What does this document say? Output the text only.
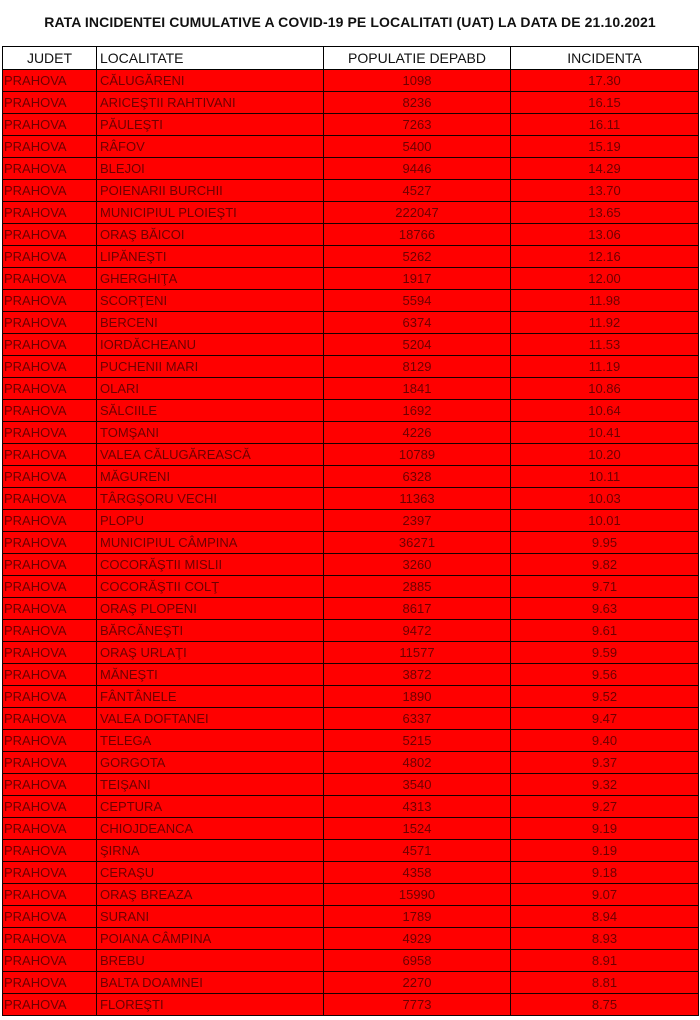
RATA INCIDENTEI CUMULATIVE A COVID-19 PE LOCALITATI (UAT) LA DATA DE 21.10.2021
JUDET	LOCALITATE	POPULATIE DEPABD	INCIDENTA
PRAHOVA	CĂLUGĂRENI	1098	17.30
PRAHOVA	ARICEŞTII RAHTIVANI	8236	16.15
PRAHOVA	PĂULEŞTI	7263	16.11
PRAHOVA	RÂFOV	5400	15.19
PRAHOVA	BLEJOI	9446	14.29
PRAHOVA	POIENARII BURCHII	4527	13.70
PRAHOVA	MUNICIPIUL PLOIEŞTI	222047	13.65
PRAHOVA	ORAŞ BĂICOI	18766	13.06
PRAHOVA	LIPĂNEŞTI	5262	12.16
PRAHOVA	GHERGHIŢA	1917	12.00
PRAHOVA	SCORŢENI	5594	11.98
PRAHOVA	BERCENI	6374	11.92
PRAHOVA	IORDĂCHEANU	5204	11.53
PRAHOVA	PUCHENII MARI	8129	11.19
PRAHOVA	OLARI	1841	10.86
PRAHOVA	SĂLCIILE	1692	10.64
PRAHOVA	TOMŞANI	4226	10.41
PRAHOVA	VALEA CĂLUGĂREASCĂ	10789	10.20
PRAHOVA	MĂGURENI	6328	10.11
PRAHOVA	TÂRGŞORU VECHI	11363	10.03
PRAHOVA	PLOPU	2397	10.01
PRAHOVA	MUNICIPIUL CÂMPINA	36271	9.95
PRAHOVA	COCORĂŞTII MISLII	3260	9.82
PRAHOVA	COCORĂŞTII COLŢ	2885	9.71
PRAHOVA	ORAŞ PLOPENI	8617	9.63
PRAHOVA	BĂRCĂNEŞTI	9472	9.61
PRAHOVA	ORAŞ URLAŢI	11577	9.59
PRAHOVA	MĂNEŞTI	3872	9.56
PRAHOVA	FÂNTÂNELE	1890	9.52
PRAHOVA	VALEA DOFTANEI	6337	9.47
PRAHOVA	TELEGA	5215	9.40
PRAHOVA	GORGOTA	4802	9.37
PRAHOVA	TEIŞANI	3540	9.32
PRAHOVA	CEPTURA	4313	9.27
PRAHOVA	CHIOJDEANCA	1524	9.19
PRAHOVA	ŞIRNA	4571	9.19
PRAHOVA	CERAŞU	4358	9.18
PRAHOVA	ORAŞ BREAZA	15990	9.07
PRAHOVA	SURANI	1789	8.94
PRAHOVA	POIANA CÂMPINA	4929	8.93
PRAHOVA	BREBU	6958	8.91
PRAHOVA	BALTA DOAMNEI	2270	8.81
PRAHOVA	FLOREŞTI	7773	8.75
